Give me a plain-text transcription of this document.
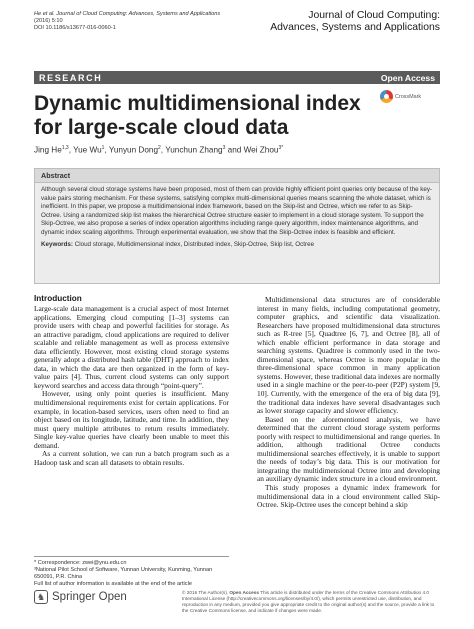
He et al. Journal of Cloud Computing: Advances, Systems and Applications
(2016) 5:10
DOI 10.1186/s13677-016-0060-1
Journal of Cloud Computing:
Advances, Systems and Applications
RESEARCH	Open Access
Dynamic multidimensional index for large-scale cloud data
CrossMark
Jing He$^{1,3}$, Yue Wu$^1$, Yunyun Dong$^2$, Yunchun Zhang$^3$ and Wei Zhou$^{3*}$
Abstract
Although several cloud storage systems have been proposed, most of them can provide highly efficient point queries only because of the key-value pairs storing mechanism. For these systems, satisfying complex multi-dimensional queries means scanning the whole dataset, which is inefficient. In this paper, we propose a multidimensional index framework, based on the Skip-list and Octree, which we refer to as Skip-Octree. Using a randomized skip list makes the hierarchical Octree structure easier to implement in a cloud storage system. To support the Skip-Octree, we also propose a series of index operation algorithms including range query algorithm, index maintenance algorithms, and dynamic index scaling algorithms. Through experimental evaluation, we show that the Skip-Octree index is feasible and efficient.
Keywords: Cloud storage, Multidimensional index, Distributed index, Skip-Octree, Skip list, Octree
Introduction

Large-scale data management is a crucial aspect of most Internet applications. Emerging cloud computing [1–3] systems can provide users with cheap and powerful facilities for storage. As an attractive paradigm, cloud applications are required to deliver scalable and reliable management as well as process extensive data efficiently. However, most existing cloud storage systems generally adopt a distributed hash table (DHT) approach to index data, in which the data are then organized in the form of key-value pairs [4]. Thus, current cloud systems can only support keyword searches and access data through “point-query”.

However, using only point queries is insufficient. Many multidimensional requirements exist for certain applications. For example, in location-based services, users often need to find an object based on its longitude, latitude, and time. In addition, they must query multiple attributes to return results immediately. Single key-value queries have clearly been unable to meet this demand.

As a current solution, we can run a batch program such as a Hadoop task and scan all datasets to obtain results.

Multidimensional data structures are of considerable interest in many fields, including computational geometry, computer graphics, and scientific data visualization. Researchers have proposed multidimensional data structures such as R-tree [5], Quadtree [6, 7], and Octree [8], all of which enable efficient performance in data storage and searching systems. Quadtree is commonly used in the two-dimensional space, whereas Octree is more popular in the three-dimensional space common in many application systems. However, these traditional data indexes are normally used in a single machine or the peer-to-peer (P2P) system [9, 10]. Currently, with the emergence of the era of big data [9], the traditional data indexes have several disadvantages such as lower storage capacity and slower efficiency.

Based on the aforementioned analysis, we have determined that the current cloud storage system performs poorly with respect to multidimensional and range queries. In addition, although traditional Octree conducts multidimensional searches effectively, it is unable to support the needs of today’s big data. This is our motivation for integrating the multidimensional Octree into and developing an auxiliary dynamic index structure in a cloud environment.

This study proposes a dynamic index framework for multidimensional data in a cloud environment called Skip-Octree. Skip-Octree uses the concept behind a skip

* Correspondence: zwei@ynu.edu.cn
³National Pilot School of Software, Yunnan University, Kunming, Yunnan
650091, P.R. China
Full list of author information is available at the end of the article
♞ Springer Open	© 2016 The Author(s). Open Access This article is distributed under the terms of the Creative Commons Attribution 4.0 International License (http://creativecommons.org/licenses/by/4.0/), which permits unrestricted use, distribution, and reproduction in any medium, provided you give appropriate credit to the original author(s) and the source, provide a link to the Creative Commons license, and indicate if changes were made.
